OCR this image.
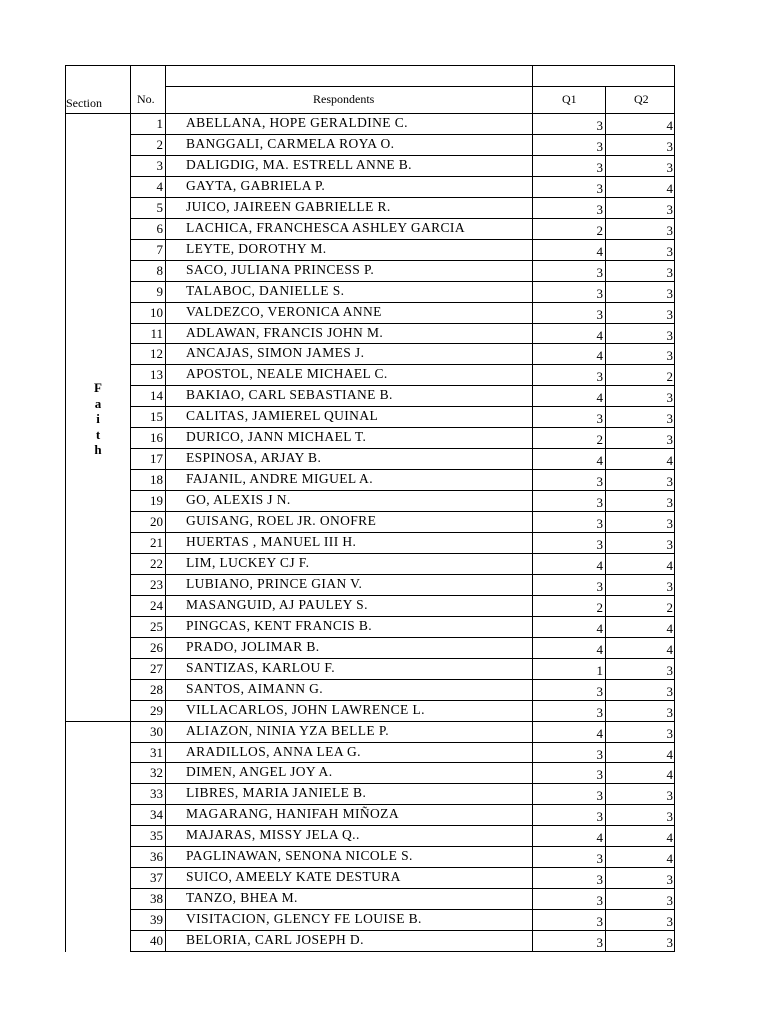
Section	No.	Respondents	Q1	Q2
F
a
i
t
h
1 ABELLANA, HOPE GERALDINE C.	3	4
2 BANGGALI, CARMELA ROYA O.	3	3
3 DALIGDIG, MA. ESTRELL ANNE B.	3	3
4 GAYTA, GABRIELA P.	3	4
5 JUICO, JAIREEN GABRIELLE R.	3	3
6 LACHICA, FRANCHESCA ASHLEY GARCIA	2	3
7 LEYTE, DOROTHY M.	4	3
8 SACO, JULIANA PRINCESS P.	3	3
9 TALABOC, DANIELLE S.	3	3
10 VALDEZCO, VERONICA ANNE	3	3
11 ADLAWAN, FRANCIS JOHN M.	4	3
12 ANCAJAS, SIMON JAMES J.	4	3
13 APOSTOL, NEALE MICHAEL C.	3	2
14 BAKIAO, CARL SEBASTIANE B.	4	3
15 CALITAS, JAMIEREL QUINAL	3	3
16 DURICO, JANN MICHAEL T.	2	3
17 ESPINOSA, ARJAY B.	4	4
18 FAJANIL, ANDRE MIGUEL A.	3	3
19 GO, ALEXIS J N.	3	3
20 GUISANG, ROEL JR. ONOFRE	3	3
21 HUERTAS , MANUEL III H.	3	3
22 LIM, LUCKEY CJ F.	4	4
23 LUBIANO, PRINCE GIAN V.	3	3
24 MASANGUID, AJ PAULEY S.	2	2
25 PINGCAS, KENT FRANCIS B.	4	4
26 PRADO, JOLIMAR B.	4	4
27 SANTIZAS, KARLOU F.	1	3
28 SANTOS, AIMANN G.	3	3
29 VILLACARLOS, JOHN LAWRENCE L.	3	3
30 ALIAZON, NINIA YZA BELLE P.	4	3
31 ARADILLOS, ANNA LEA G.	3	4
32 DIMEN, ANGEL JOY A.	3	4
33 LIBRES, MARIA JANIELE B.	3	3
34 MAGARANG, HANIFAH MIÑOZA	3	3
35 MAJARAS, MISSY JELA Q..	4	4
36 PAGLINAWAN, SENONA NICOLE S.	3	4
37 SUICO, AMEELY KATE DESTURA	3	3
38 TANZO, BHEA M.	3	3
39 VISITACION, GLENCY FE LOUISE B.	3	3
40 BELORIA, CARL JOSEPH D.	3	3
